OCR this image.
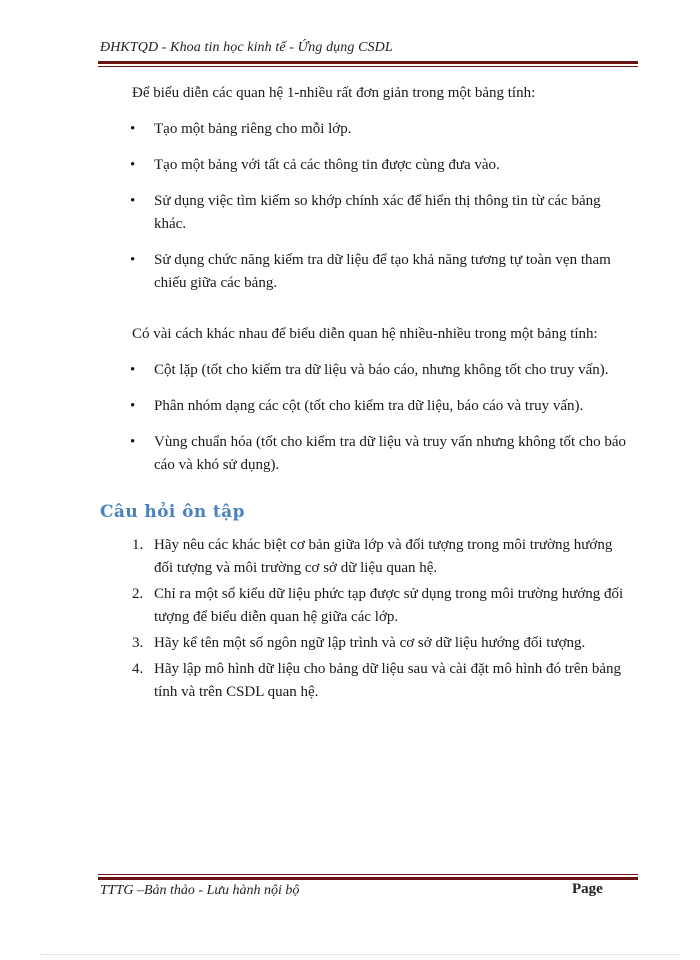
ĐHKTQD - Khoa tin học kinh tế - Ứng dụng CSDL

Để biểu diễn các quan hệ 1-nhiều rất đơn giản trong một bảng tính:

• Tạo một bảng riêng cho mỗi lớp.
• Tạo một bảng với tất cả các thông tin được cùng đưa vào.
• Sử dụng việc tìm kiếm so khớp chính xác để hiển thị thông tin từ các bảng khác.
• Sử dụng chức năng kiểm tra dữ liệu để tạo khả năng tương tự toàn vẹn tham chiếu giữa các bảng.

Có vài cách khác nhau để biểu diễn quan hệ nhiều-nhiều trong một bảng tính:

• Cột lặp (tốt cho kiểm tra dữ liệu và báo cáo, nhưng không tốt cho truy vấn).
• Phân nhóm dạng các cột (tốt cho kiểm tra dữ liệu, báo cáo và truy vấn).
• Vùng chuẩn hóa (tốt cho kiểm tra dữ liệu và truy vấn nhưng không tốt cho báo cáo và khó sử dụng).
Câu hỏi ôn tập
1. Hãy nêu các khác biệt cơ bản giữa lớp và đối tượng trong môi trường hướng đối tượng và môi trường cơ sở dữ liệu quan hệ.
2. Chỉ ra một số kiểu dữ liệu phức tạp được sử dụng trong môi trường hướng đối tượng để biểu diễn quan hệ giữa các lớp.
3. Hãy kể tên một số ngôn ngữ lập trình và cơ sở dữ liệu hướng đối tượng.
4. Hãy lập mô hình dữ liệu cho bảng dữ liệu sau và cài đặt mô hình đó trên bảng tính và trên CSDL quan hệ.
TTTG –Bản thảo - Lưu hành nội bộ	Page
